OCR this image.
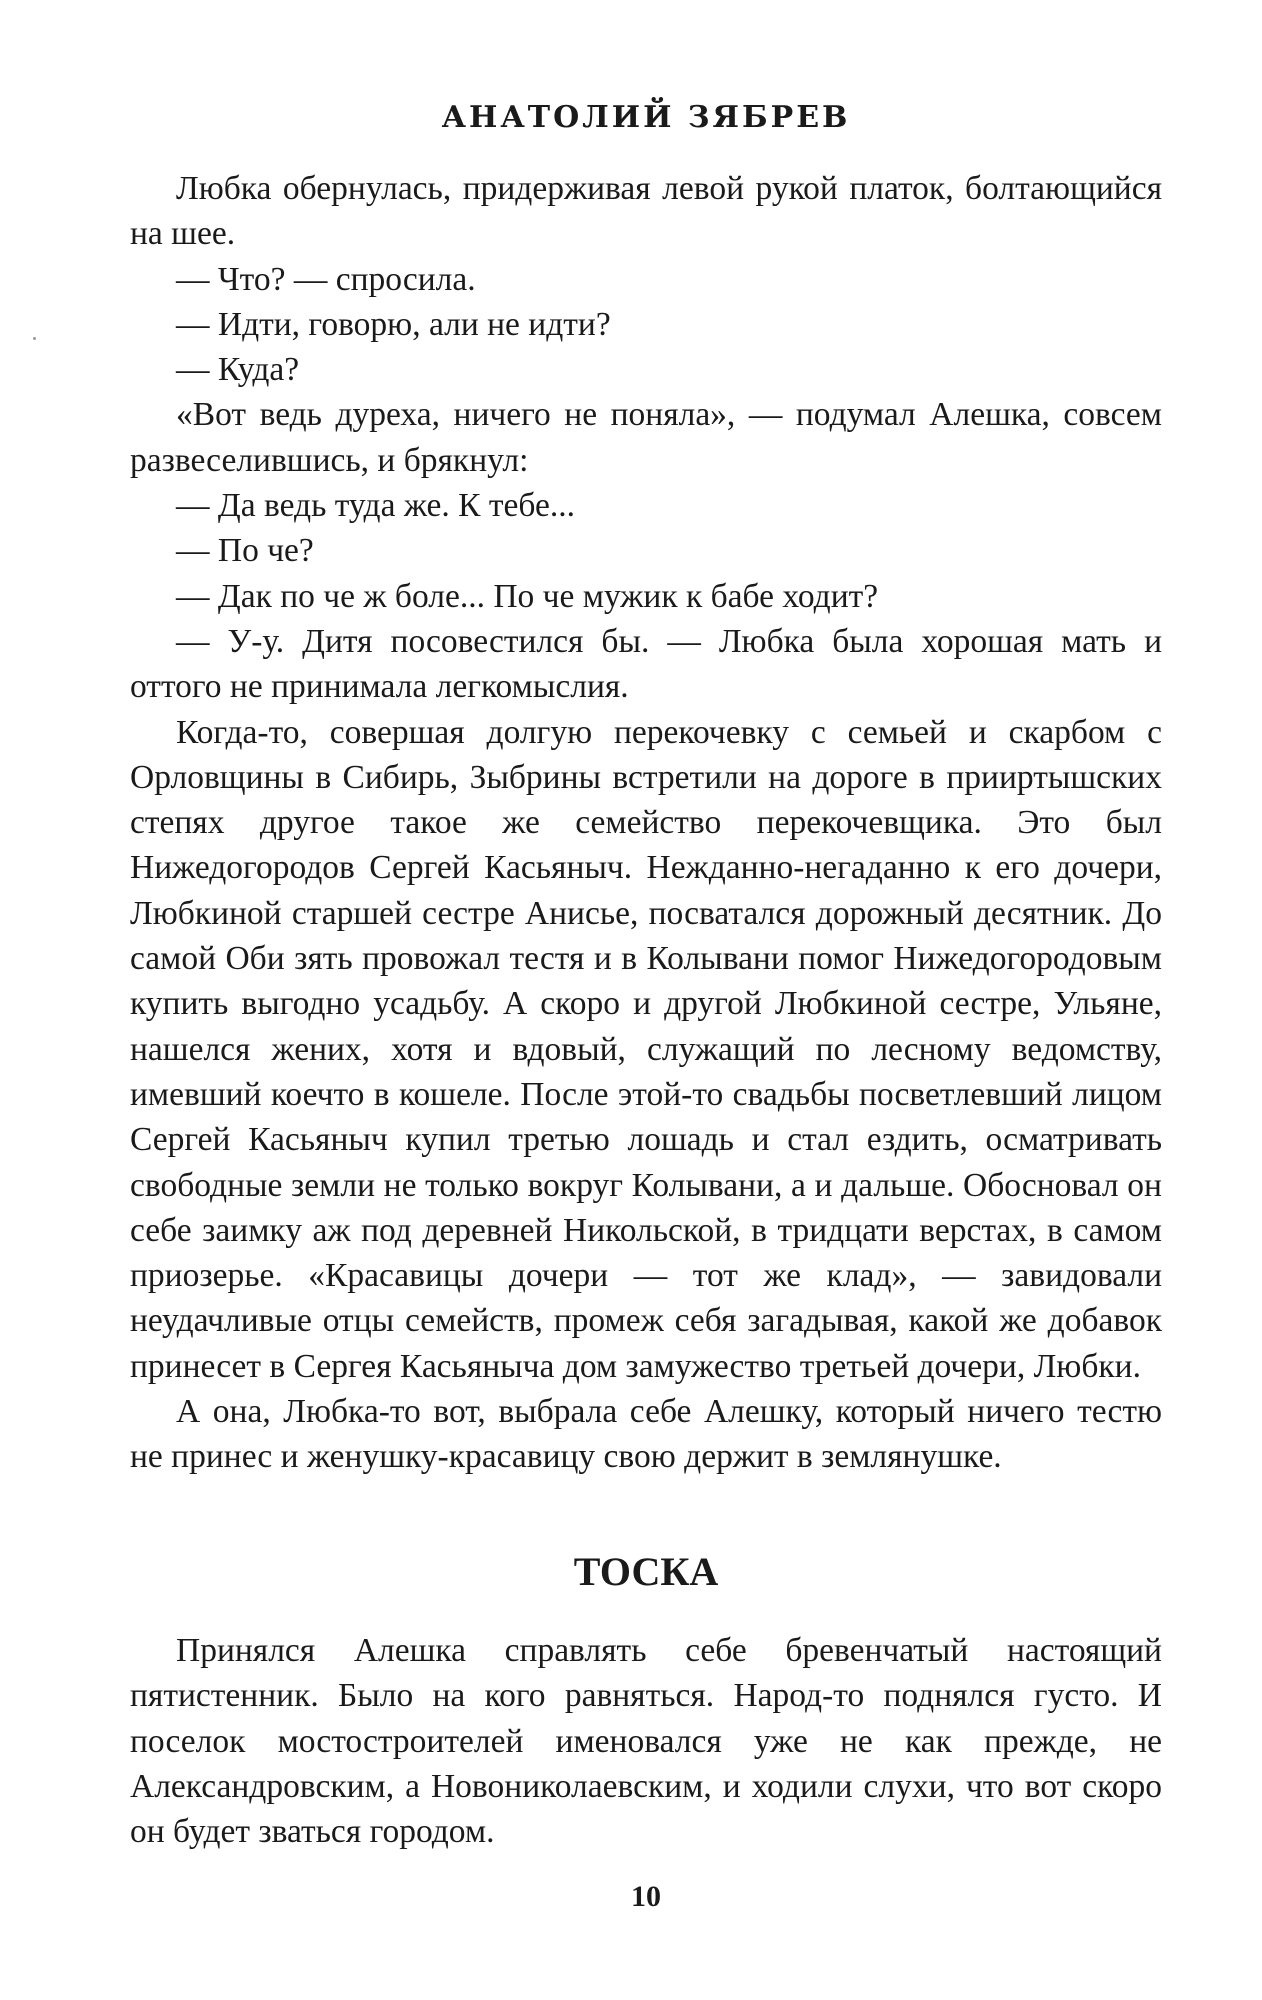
АНАТОЛИЙ ЗЯБРЕВ

Любка обернулась, придерживая левой рукой платок, болтающийся на шее.

— Что? — спросила.

— Идти, говорю, али не идти?

— Куда?

«Вот ведь дуреха, ничего не поняла», — подумал Алешка, совсем развеселившись, и брякнул:

— Да ведь туда же. К тебе...

— По че?

— Дак по че ж боле... По че мужик к бабе ходит?

— У-у. Дитя посовестился бы. — Любка была хорошая мать и оттого не принимала легкомыслия.

Когда-то, совершая долгую перекочевку с семьей и скарбом с Орловщины в Сибирь, Зыбрины встретили на дороге в прииртышских степях другое такое же семейство перекочевщика. Это был Нижедогородов Сергей Касьяныч. Нежданно-негаданно к его дочери, Любкиной старшей сестре Анисье, посватался дорожный десятник. До самой Оби зять провожал тестя и в Колывани помог Нижедогородовым купить выгодно усадьбу. А скоро и другой Любкиной сестре, Ульяне, нашелся жених, хотя и вдовый, служащий по лесному ведомству, имевший коечто в кошеле. После этой-то свадьбы посветлевший лицом Сергей Касьяныч купил третью лошадь и стал ездить, осматривать свободные земли не только вокруг Колывани, а и дальше. Обосновал он себе заимку аж под деревней Никольской, в тридцати верстах, в самом приозерье. «Красавицы дочери — тот же клад», — завидовали неудачливые отцы семейств, промеж себя загадывая, какой же добавок принесет в Сергея Касьяныча дом замужество третьей дочери, Любки.

А она, Любка-то вот, выбрала себе Алешку, который ничего тестю не принес и женушку-красавицу свою держит в землянушке.

ТОСКА

Принялся Алешка справлять себе бревенчатый настоящий пятистенник. Было на кого равняться. Народ-то поднялся густо. И поселок мостостроителей именовался уже не как прежде, не Александровским, а Новониколаевским, и ходили слухи, что вот скоро он будет зваться городом.

10
